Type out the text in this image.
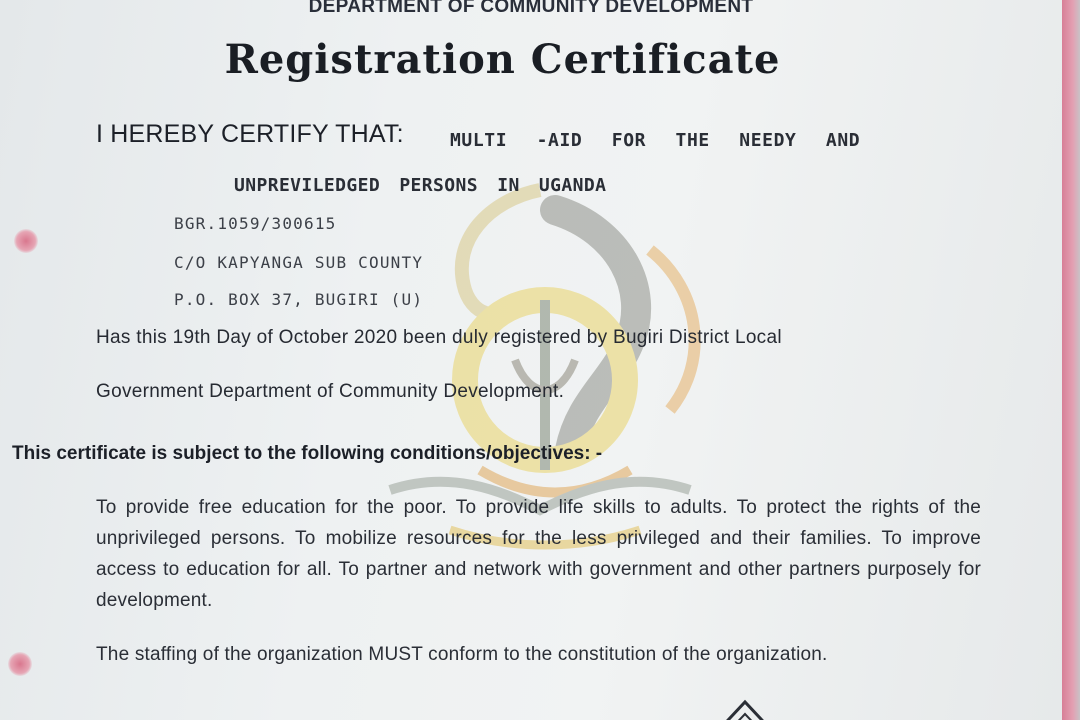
DEPARTMENT OF COMMUNITY DEVELOPMENT
Registration Certificate
I HEREBY CERTIFY THAT:	MULTI -AID FOR THE NEEDY AND
UNPREVILEDGED PERSONS IN UGANDA
BGR.1059/300615
C/O KAPYANGA SUB COUNTY
P.O. BOX 37, BUGIRI (U)
Has this 19th Day of October 2020 been duly registered by Bugiri District Local
Government Department of Community Development.
This certificate is subject to the following conditions/objectives: -
To provide free education for the poor. To provide life skills to adults. To protect the rights of the unprivileged persons. To mobilize resources for the less privileged and their families. To improve access to education for all. To partner and network with government and other partners purposely for development.
The staffing of the organization MUST conform to the constitution of the organization.
